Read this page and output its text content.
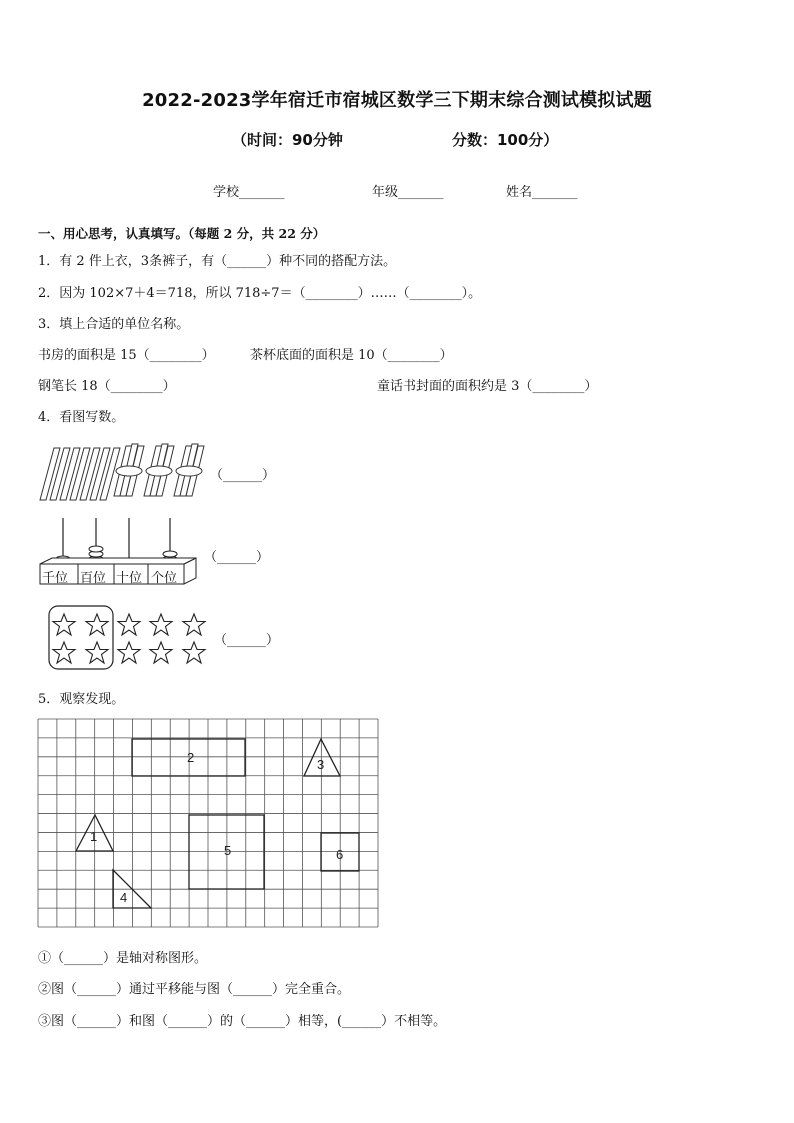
2022-2023学年宿迁市宿城区数学三下期末综合测试模拟试题
（时间：90分钟	分数：100分）
学校_______	年级_______	姓名_______
一、用心思考，认真填写。（每题 2 分，共 22 分）
1．有 2 件上衣，3条裤子，有（______）种不同的搭配方法。
2．因为 102×7＋4＝718，所以 718÷7＝（________）……（________）。
3．填上合适的单位名称。
书房的面积是 15（________）	茶杯底面的面积是 10（________）
钢笔长 18（________）	童话书封面的面积约是 3（________）
4．看图写数。
（______）
千位 百位 十位 个位
（______）
（______）
5．观察发现。
1
2	3
4
5	6
①（______）是轴对称图形。
②图（______）通过平移能与图（______）完全重合。
③图（______）和图（______）的（______）相等，(______）不相等。
